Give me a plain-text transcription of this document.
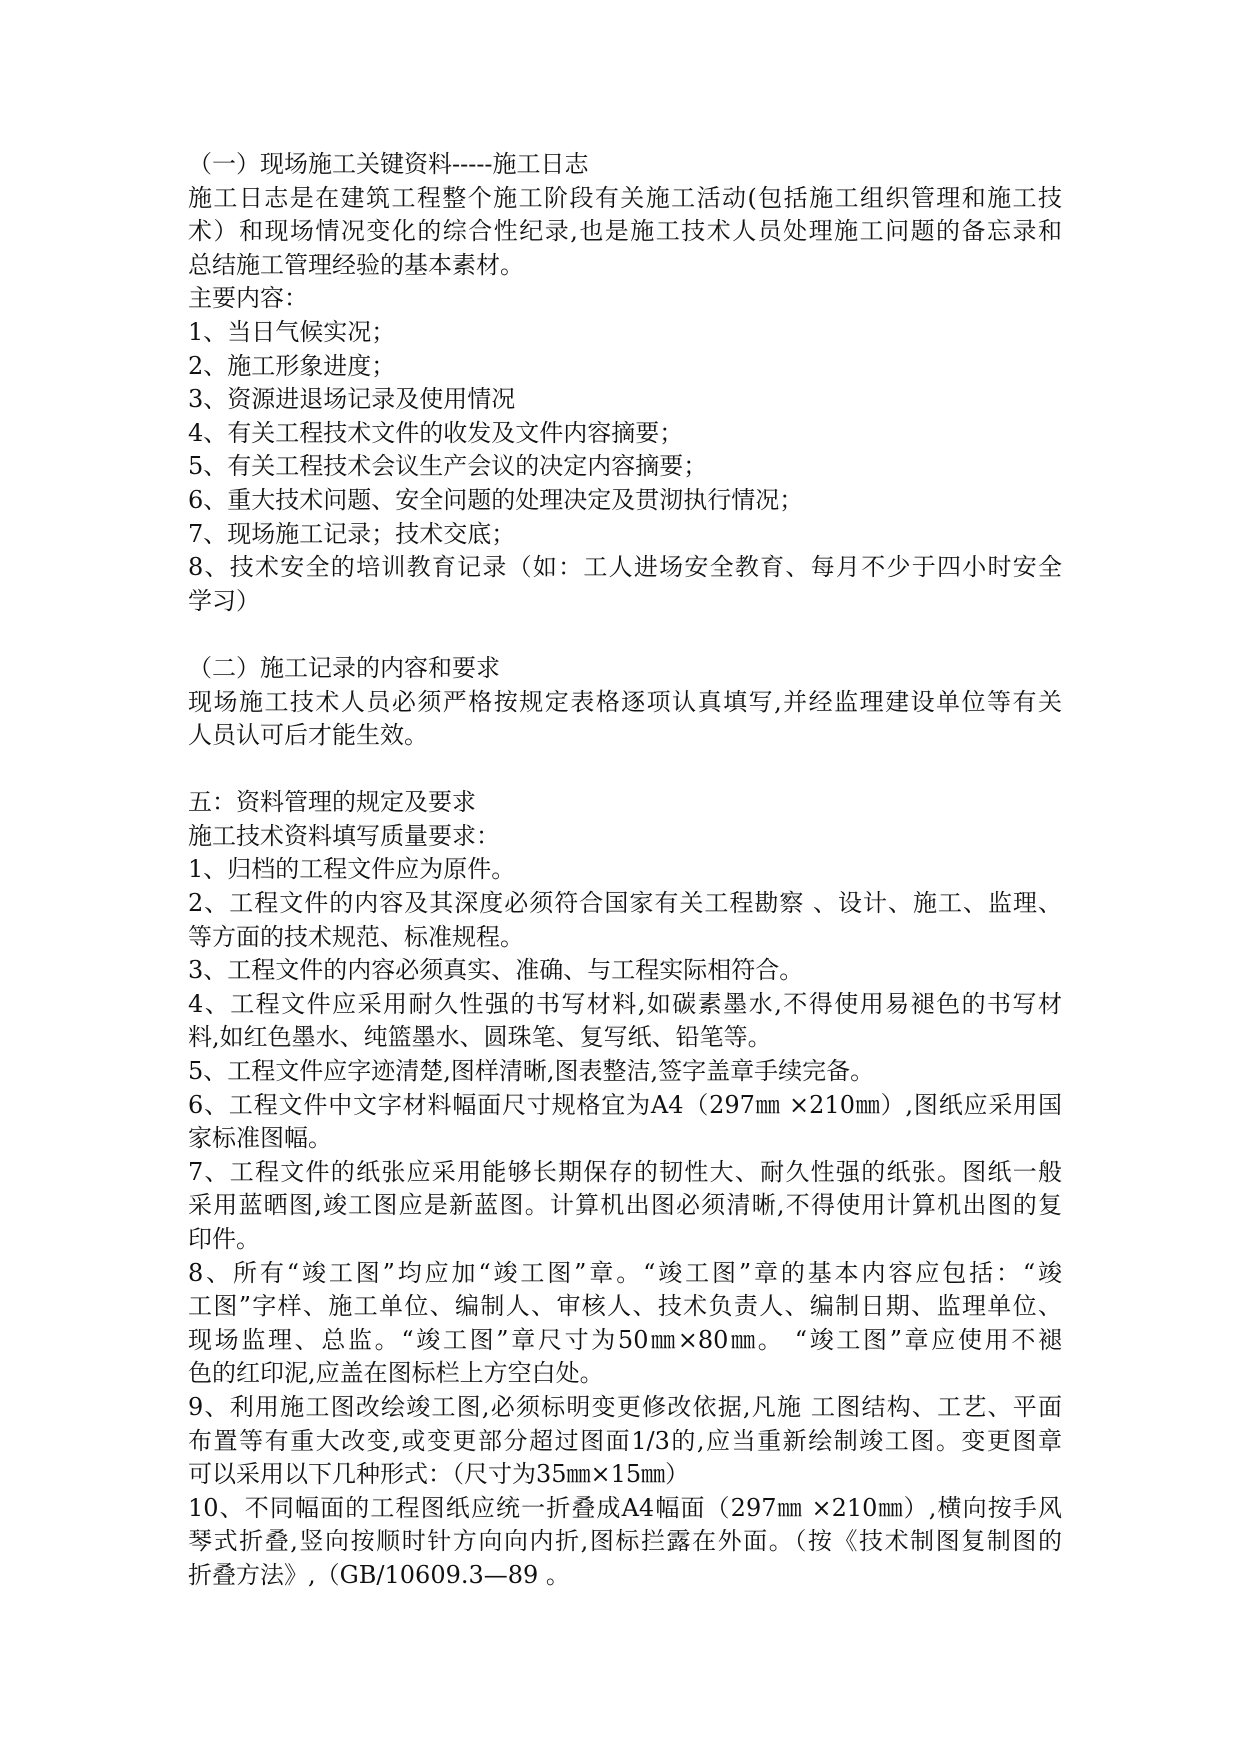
（一）现场施工关键资料-----施工日志
施工日志是在建筑工程整个施工阶段有关施工活动(包括施工组织管理和施工技
术）和现场情况变化的综合性纪录,也是施工技术人员处理施工问题的备忘录和
总结施工管理经验的基本素材。
主要内容：
1、当日气候实况；
2、施工形象进度；
3、资源进退场记录及使用情况
4、有关工程技术文件的收发及文件内容摘要；
5、有关工程技术会议生产会议的决定内容摘要；
6、重大技术问题、安全问题的处理决定及贯沏执行情况；
7、现场施工记录；技术交底；
8、技术安全的培训教育记录（如：工人进场安全教育、每月不少于四小时安全
学习）
（二）施工记录的内容和要求
现场施工技术人员必须严格按规定表格逐项认真填写,并经监理建设单位等有关
人员认可后才能生效。
五：资料管理的规定及要求
施工技术资料填写质量要求：
1、归档的工程文件应为原件。
2、工程文件的内容及其深度必须符合国家有关工程勘察 、设计、施工、监理、
等方面的技术规范、标准规程。
3、工程文件的内容必须真实、准确、与工程实际相符合。
4、工程文件应采用耐久性强的书写材料,如碳素墨水,不得使用易褪色的书写材
料,如红色墨水、纯篮墨水、圆珠笔、复写纸、铅笔等。
5、工程文件应字迹清楚,图样清晰,图表整洁,签字盖章手续完备。
6、工程文件中文字材料幅面尺寸规格宜为A4（297㎜ ×210㎜）,图纸应采用国
家标准图幅。
7、工程文件的纸张应采用能够长期保存的韧性大、耐久性强的纸张。图纸一般
采用蓝晒图,竣工图应是新蓝图。计算机出图必须清晰,不得使用计算机出图的复
印件。
8、所有“竣工图”均应加“竣工图”章。“竣工图”章的基本内容应包括：“竣
工图”字样、施工单位、编制人、审核人、技术负责人、编制日期、监理单位、
现场监理、总监。“竣工图”章尺寸为50㎜×80㎜。 “竣工图”章应使用不褪
色的红印泥,应盖在图标栏上方空白处。
9、利用施工图改绘竣工图,必须标明变更修改依据,凡施 工图结构、工艺、平面
布置等有重大改变,或变更部分超过图面1/3的,应当重新绘制竣工图。变更图章
可以采用以下几种形式：（尺寸为35㎜×15㎜）
10、不同幅面的工程图纸应统一折叠成A4幅面（297㎜ ×210㎜）,横向按手风
琴式折叠,竖向按顺时针方向向内折,图标拦露在外面。（按《技术制图复制图的
折叠方法》,（GB/10609.3—89 。
